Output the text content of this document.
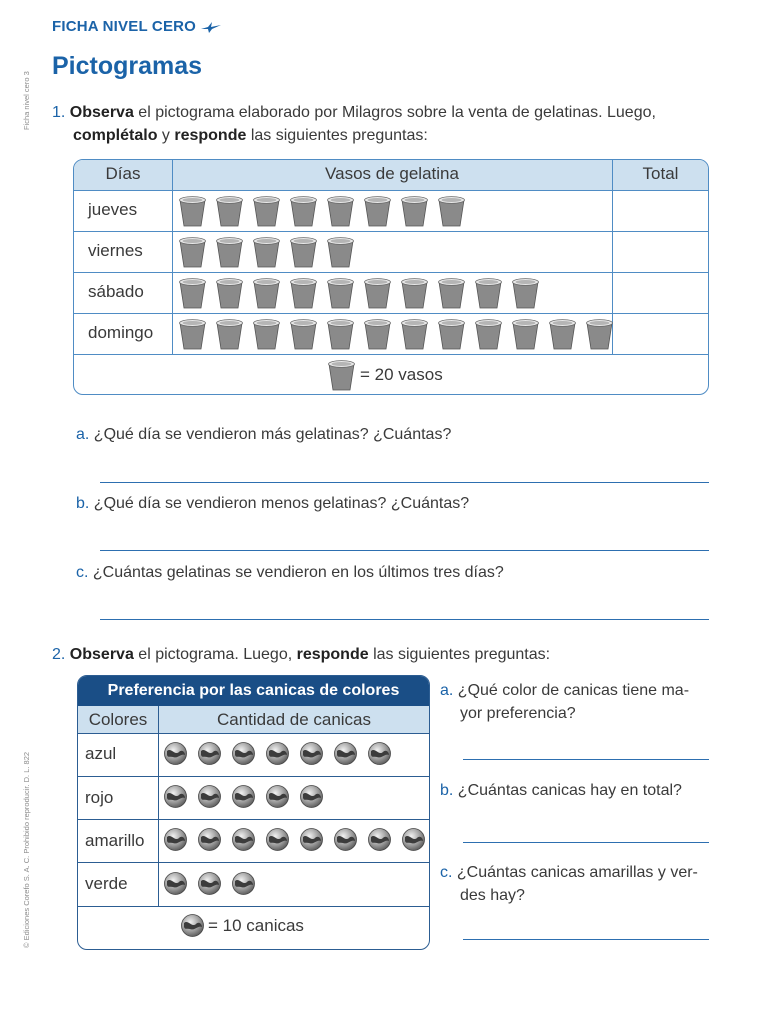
FICHA NIVEL CERO
Pictogramas
Ficha nivel cero 3
© Ediciones Corefo S. A. C. Prohibido reproducir. D. L. 822
1. Observa el pictograma elaborado por Milagros sobre la venta de gelatinas. Luego,
complétalo y responde las siguientes preguntas:
Días	Vasos de gelatina	Total
jueves
viernes
sábado
domingo
= 20 vasos
a. ¿Qué día se vendieron más gelatinas? ¿Cuántas?
b. ¿Qué día se vendieron menos gelatinas? ¿Cuántas?
c. ¿Cuántas gelatinas se vendieron en los últimos tres días?
2. Observa el pictograma. Luego, responde las siguientes preguntas:
Preferencia por las canicas de colores
Colores	Cantidad de canicas
azul
rojo
amarillo
verde
= 10 canicas
a. ¿Qué color de canicas tiene ma-
yor preferencia?
b. ¿Cuántas canicas hay en total?
c. ¿Cuántas canicas amarillas y ver-
des hay?
